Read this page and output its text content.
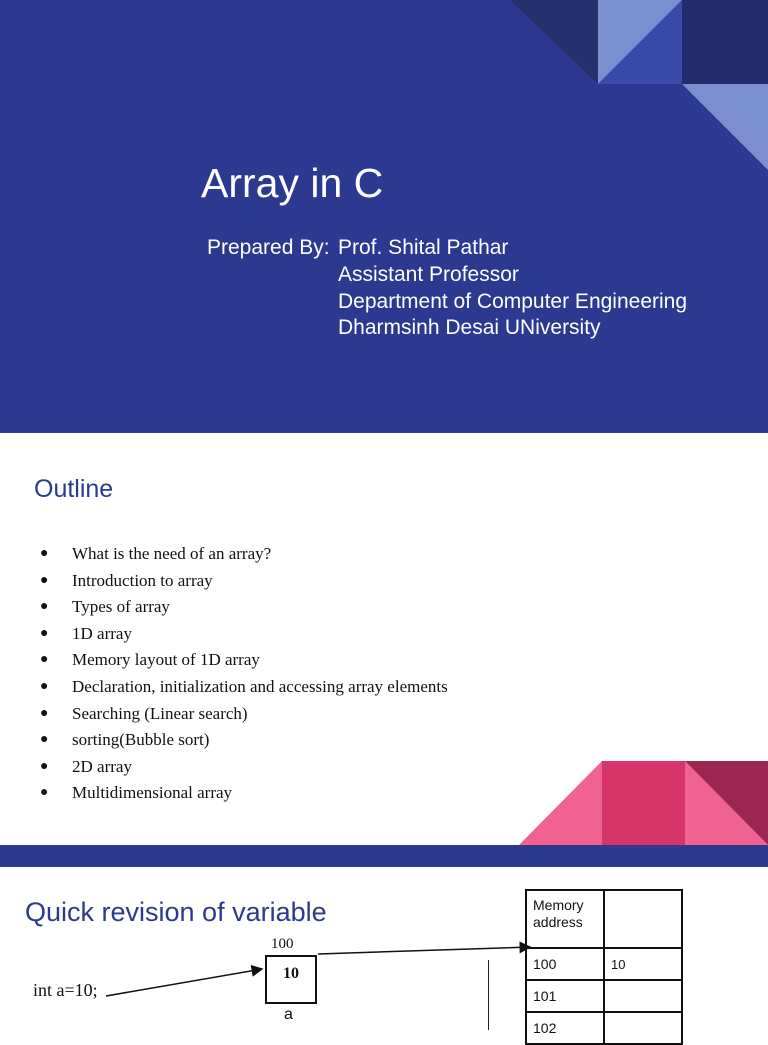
Array in C
Prepared By: Prof. Shital Pathar
Assistant Professor
Department of Computer Engineering
Dharmsinh Desai UNiversity
Outline
● What is the need of an array?
● Introduction to array
● Types of array
● 1D array
● Memory layout of 1D array
● Declaration, initialization and accessing array elements
● Searching (Linear search)
● sorting(Bubble sort)
● 2D array
● Multidimensional array
Quick revision of variable
int a=10;
100
10
a
Memory address	
100	10
101	
102	
